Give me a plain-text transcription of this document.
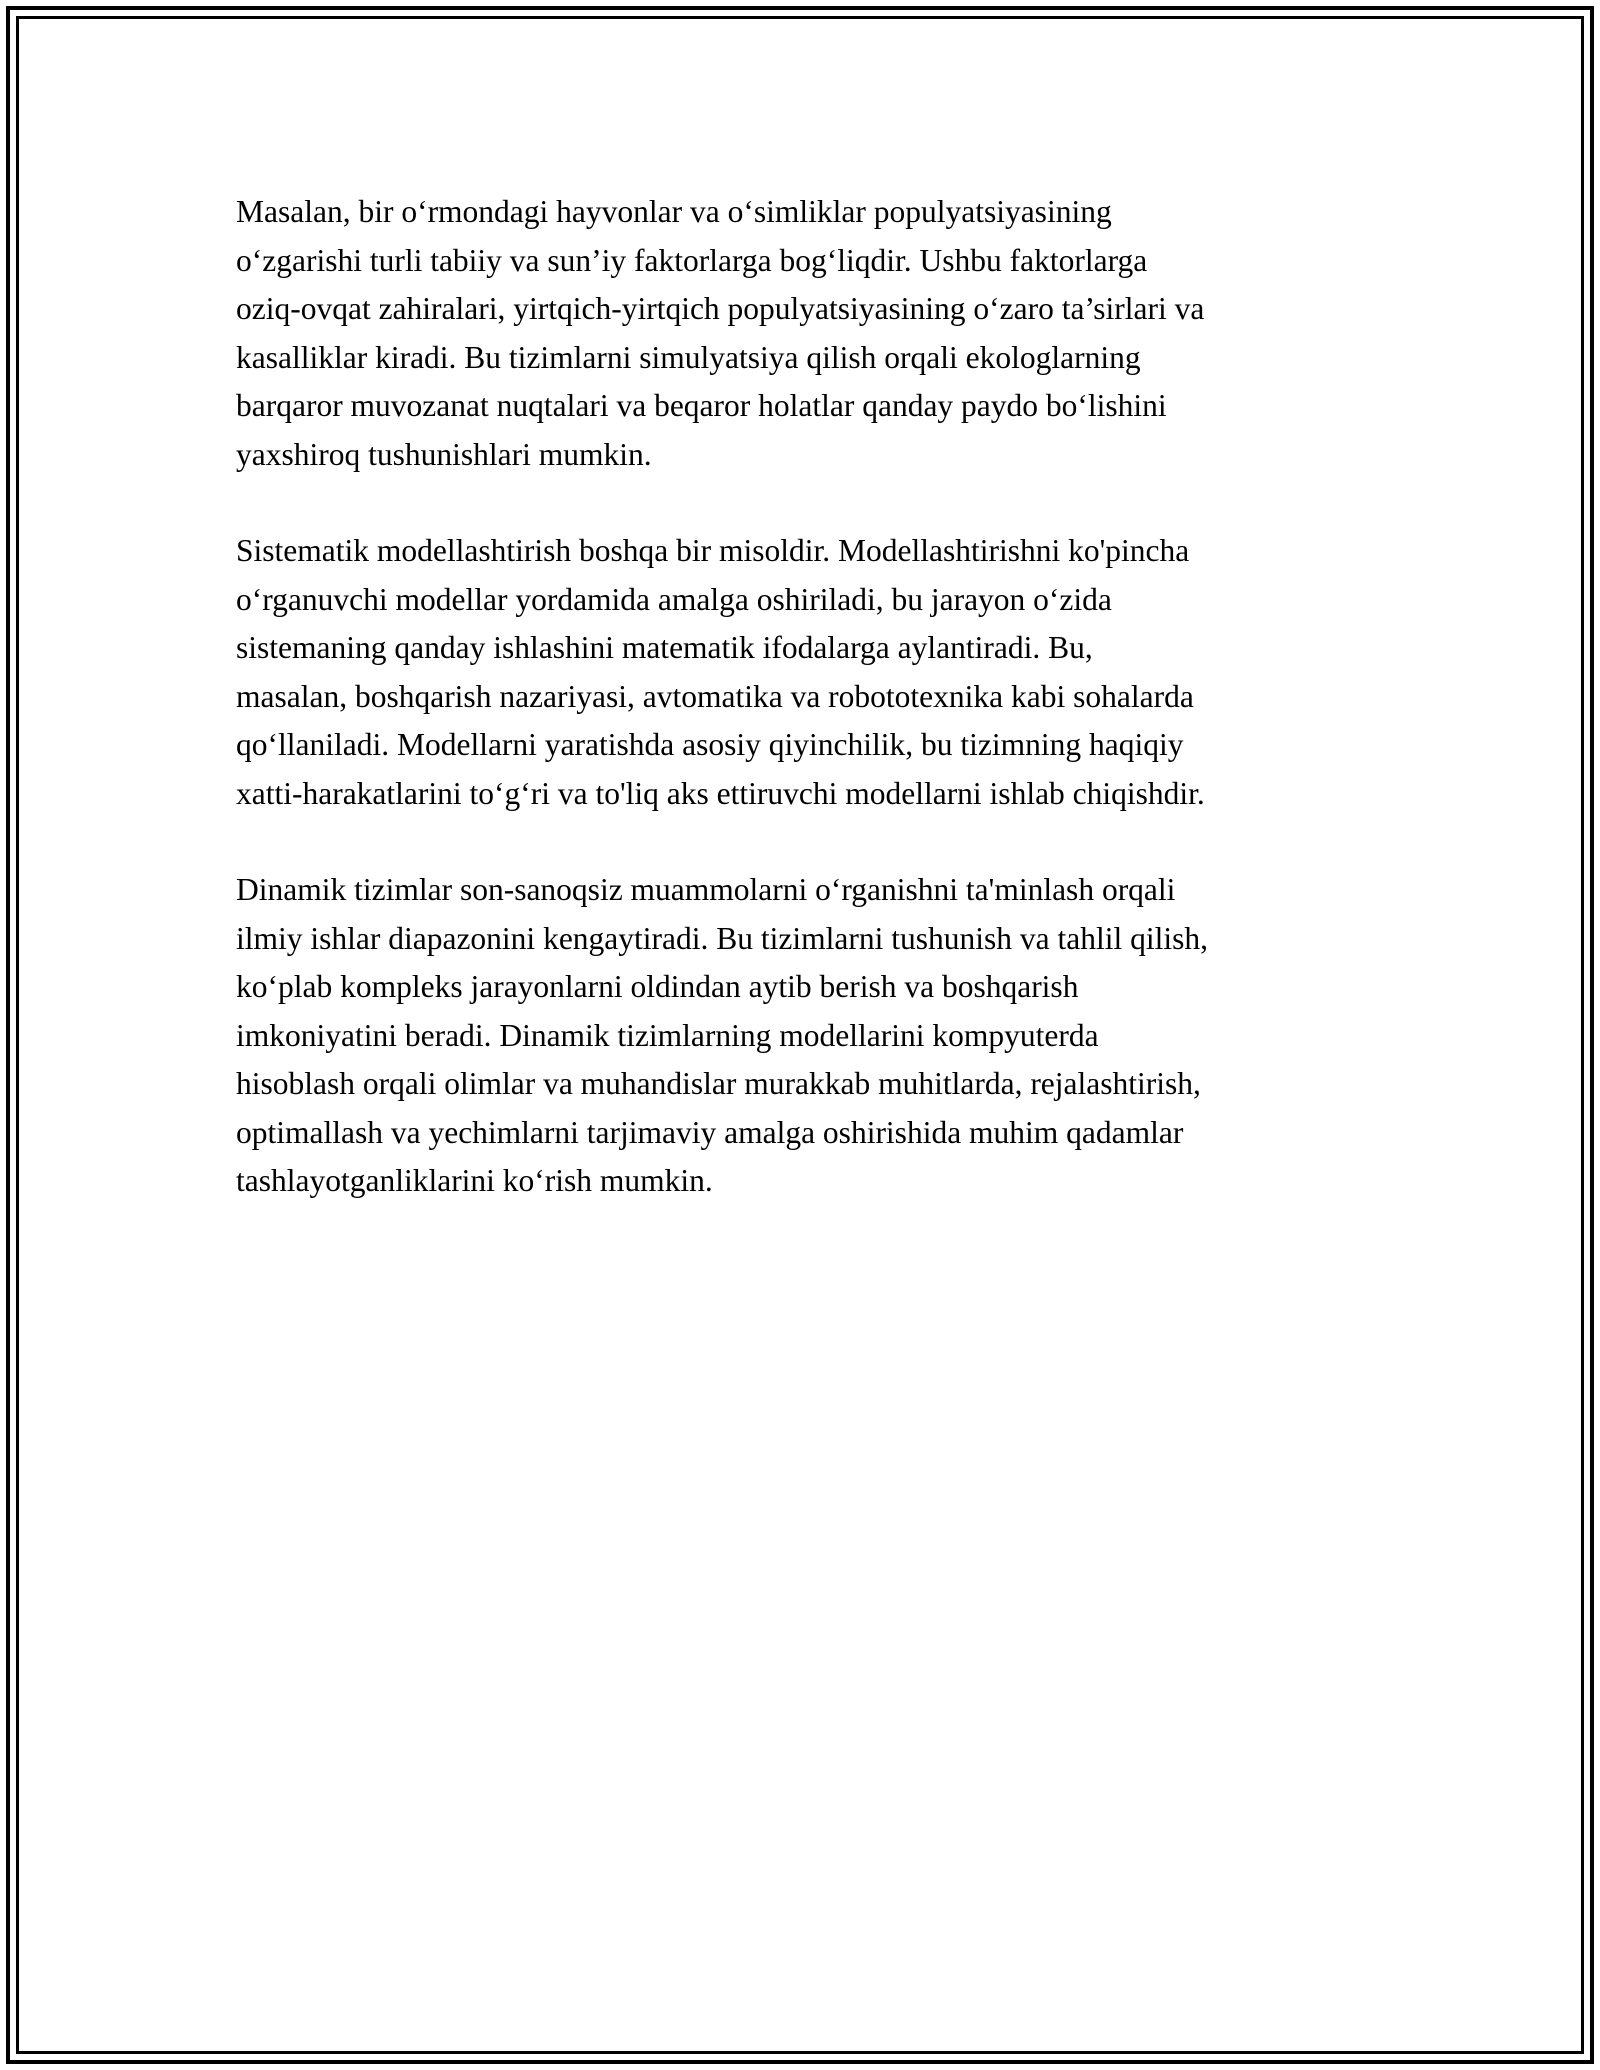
Masalan, bir o‘rmondagi hayvonlar va o‘simliklar populyatsiyasining
o‘zgarishi turli tabiiy va sun’iy faktorlarga bog‘liqdir. Ushbu faktorlarga
oziq-ovqat zahiralari, yirtqich-yirtqich populyatsiyasining o‘zaro ta’sirlari va
kasalliklar kiradi. Bu tizimlarni simulyatsiya qilish orqali ekologlarning
barqaror muvozanat nuqtalari va beqaror holatlar qanday paydo bo‘lishini
yaxshiroq tushunishlari mumkin.

Sistematik modellashtirish boshqa bir misoldir. Modellashtirishni ko'pincha
o‘rganuvchi modellar yordamida amalga oshiriladi, bu jarayon o‘zida
sistemaning qanday ishlashini matematik ifodalarga aylantiradi. Bu,
masalan, boshqarish nazariyasi, avtomatika va robototexnika kabi sohalarda
qo‘llaniladi. Modellarni yaratishda asosiy qiyinchilik, bu tizimning haqiqiy
xatti-harakatlarini to‘g‘ri va to'liq aks ettiruvchi modellarni ishlab chiqishdir.

Dinamik tizimlar son-sanoqsiz muammolarni o‘rganishni ta'minlash orqali
ilmiy ishlar diapazonini kengaytiradi. Bu tizimlarni tushunish va tahlil qilish,
ko‘plab kompleks jarayonlarni oldindan aytib berish va boshqarish
imkoniyatini beradi. Dinamik tizimlarning modellarini kompyuterda
hisoblash orqali olimlar va muhandislar murakkab muhitlarda, rejalashtirish,
optimallash va yechimlarni tarjimaviy amalga oshirishida muhim qadamlar
tashlayotganliklarini ko‘rish mumkin.
